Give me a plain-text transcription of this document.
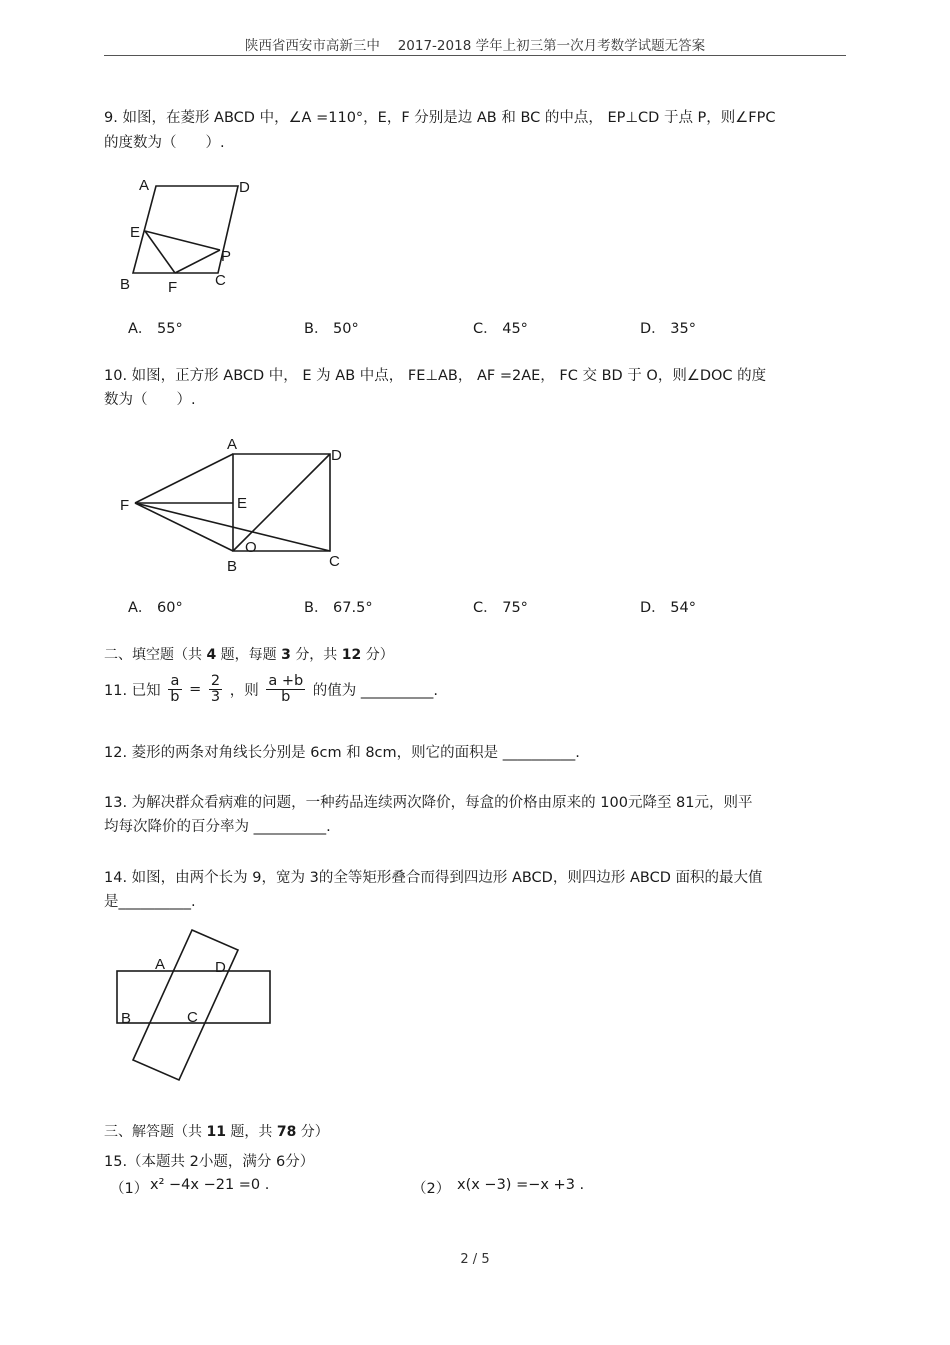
陕西省西安市高新三中　 2017-2018 学年上初三第一次月考数学试题无答案
9. 如图，在菱形 ABCD 中，∠A =110°，E，F 分别是边 AB 和 BC 的中点， EP⊥CD 于点 P，则∠FPC
的度数为（　　）.
A	D
E
P
B	F	C
A． 55°	B． 50°	C． 45°	D． 35°
10. 如图，正方形 ABCD 中， E 为 AB 中点， FE⊥AB， AF =2AE， FC 交 BD 于 O，则∠DOC 的度
数为（　　）.
A
D
F	E
O
B	C
A． 60°	B． 67.5°	C． 75°	D． 54°
二、填空题（共 4 题，每题 3 分，共 12 分）
11. 已知 $\frac{a}{b} = \frac{2}{3}$ ，则 $\frac{a +b}{b}$ 的值为 __________.
12. 菱形的两条对角线长分别是 6cm 和 8cm，则它的面积是 __________.
13. 为解决群众看病难的问题，一种药品连续两次降价，每盒的价格由原来的 100元降至 81元，则平
均每次降价的百分率为 __________.
14. 如图，由两个长为 9，宽为 3的全等矩形叠合而得到四边形 ABCD，则四边形 ABCD 面积的最大值
是__________.
A	D
B	C
三、解答题（共 11 题，共 78 分）
15.（本题共 2小题，满分 6分）
（1） x² −4x −21 =0 .	（2） x(x −3) =−x +3 .
2 / 5
